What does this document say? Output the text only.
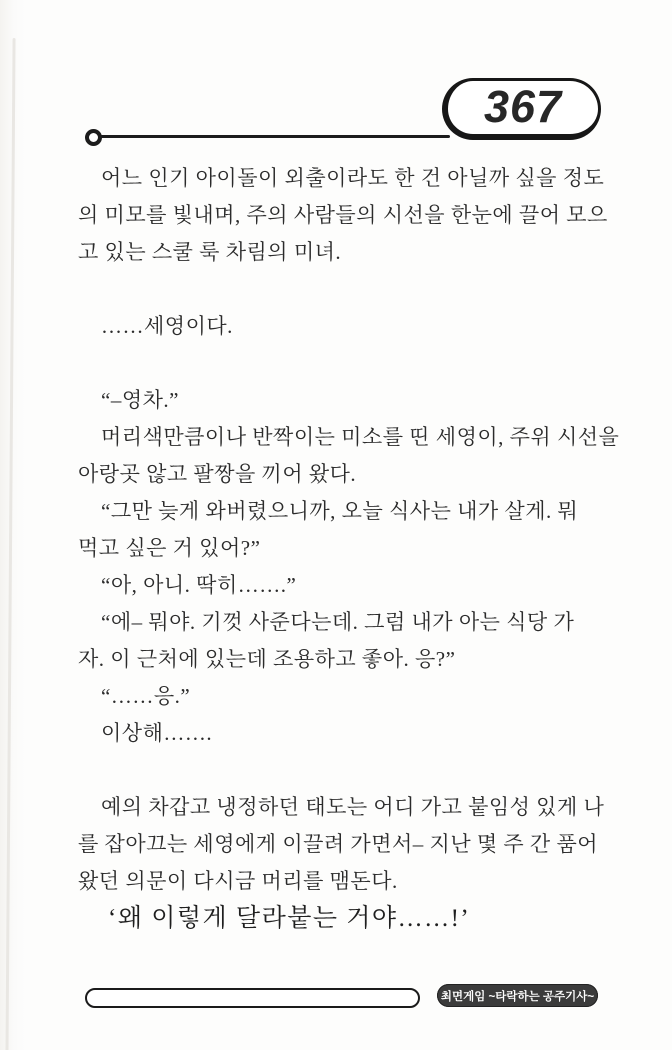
367
어느 인기 아이돌이 외출이라도 한 건 아닐까 싶을 정도
의 미모를 빛내며, 주의 사람들의 시선을 한눈에 끌어 모으
고 있는 스쿨 룩 차림의 미녀.

……세영이다.

“–영차.”
머리색만큼이나 반짝이는 미소를 띤 세영이, 주위 시선을
아랑곳 않고 팔짱을 끼어 왔다.
“그만 늦게 와버렸으니까, 오늘 식사는 내가 살게. 뭐
먹고 싶은 거 있어?”
“아, 아니. 딱히…….”
“에– 뭐야. 기껏 사준다는데. 그럼 내가 아는 식당 가
자. 이 근처에 있는데 조용하고 좋아. 응?”
“……응.”
이상해…….

예의 차갑고 냉정하던 태도는 어디 가고 붙임성 있게 나
를 잡아끄는 세영에게 이끌려 가면서– 지난 몇 주 간 품어
왔던 의문이 다시금 머리를 맴돈다.
‘왜 이렇게 달라붙는 거야……!’
최면게임 ~타락하는 공주기사~
